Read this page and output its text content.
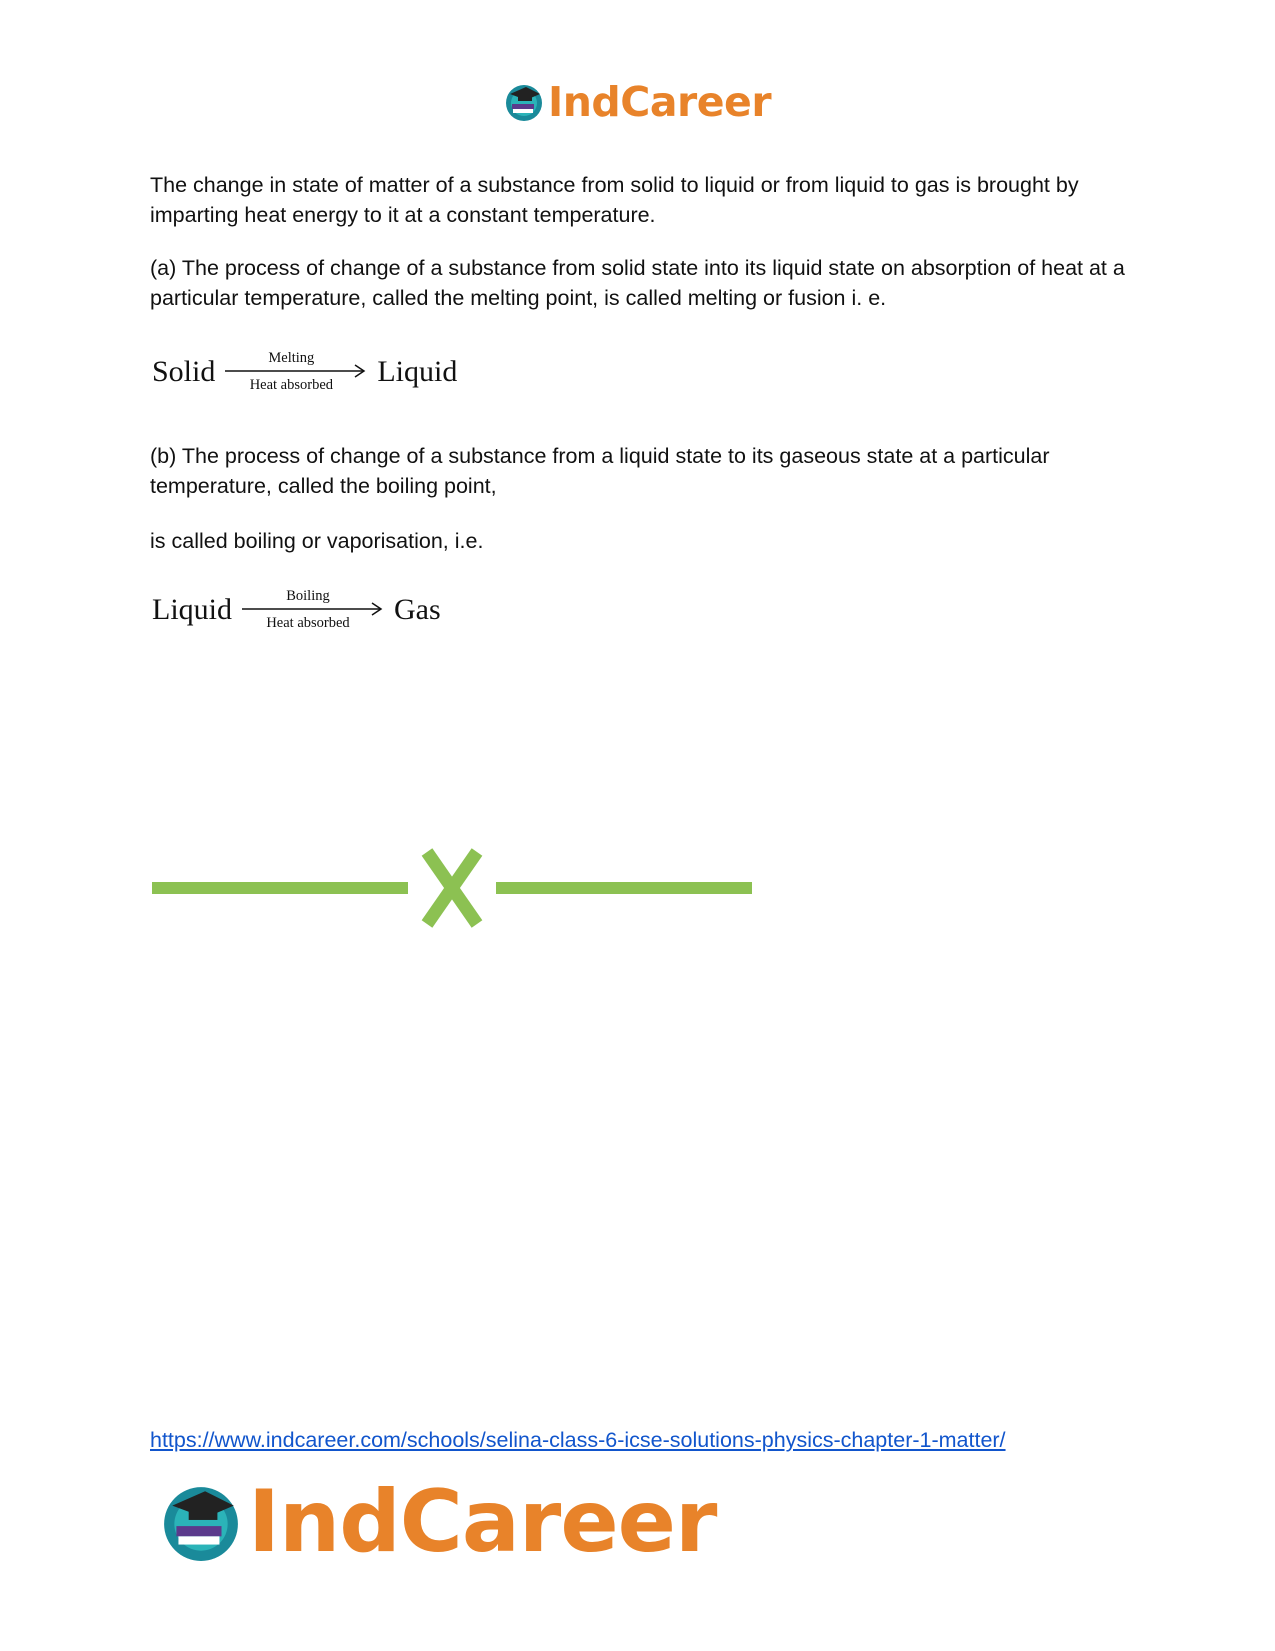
IndCareer

The change in state of matter of a substance from solid to liquid or from liquid to gas is brought by imparting heat energy to it at a constant temperature.

(a) The process of change of a substance from solid state into its liquid state on absorption of heat at a particular temperature, called the melting point, is called melting or fusion i. e.

Solid	Melting
Heat absorbed	Liquid

(b) The process of change of a substance from a liquid state to its gaseous state at a particular temperature, called the boiling point,

is called boiling or vaporisation, i.e.

Liquid	Boiling
Heat absorbed	Gas
https://www.indcareer.com/schools/selina-class-6-icse-solutions-physics-chapter-1-matter/
IndCareer
